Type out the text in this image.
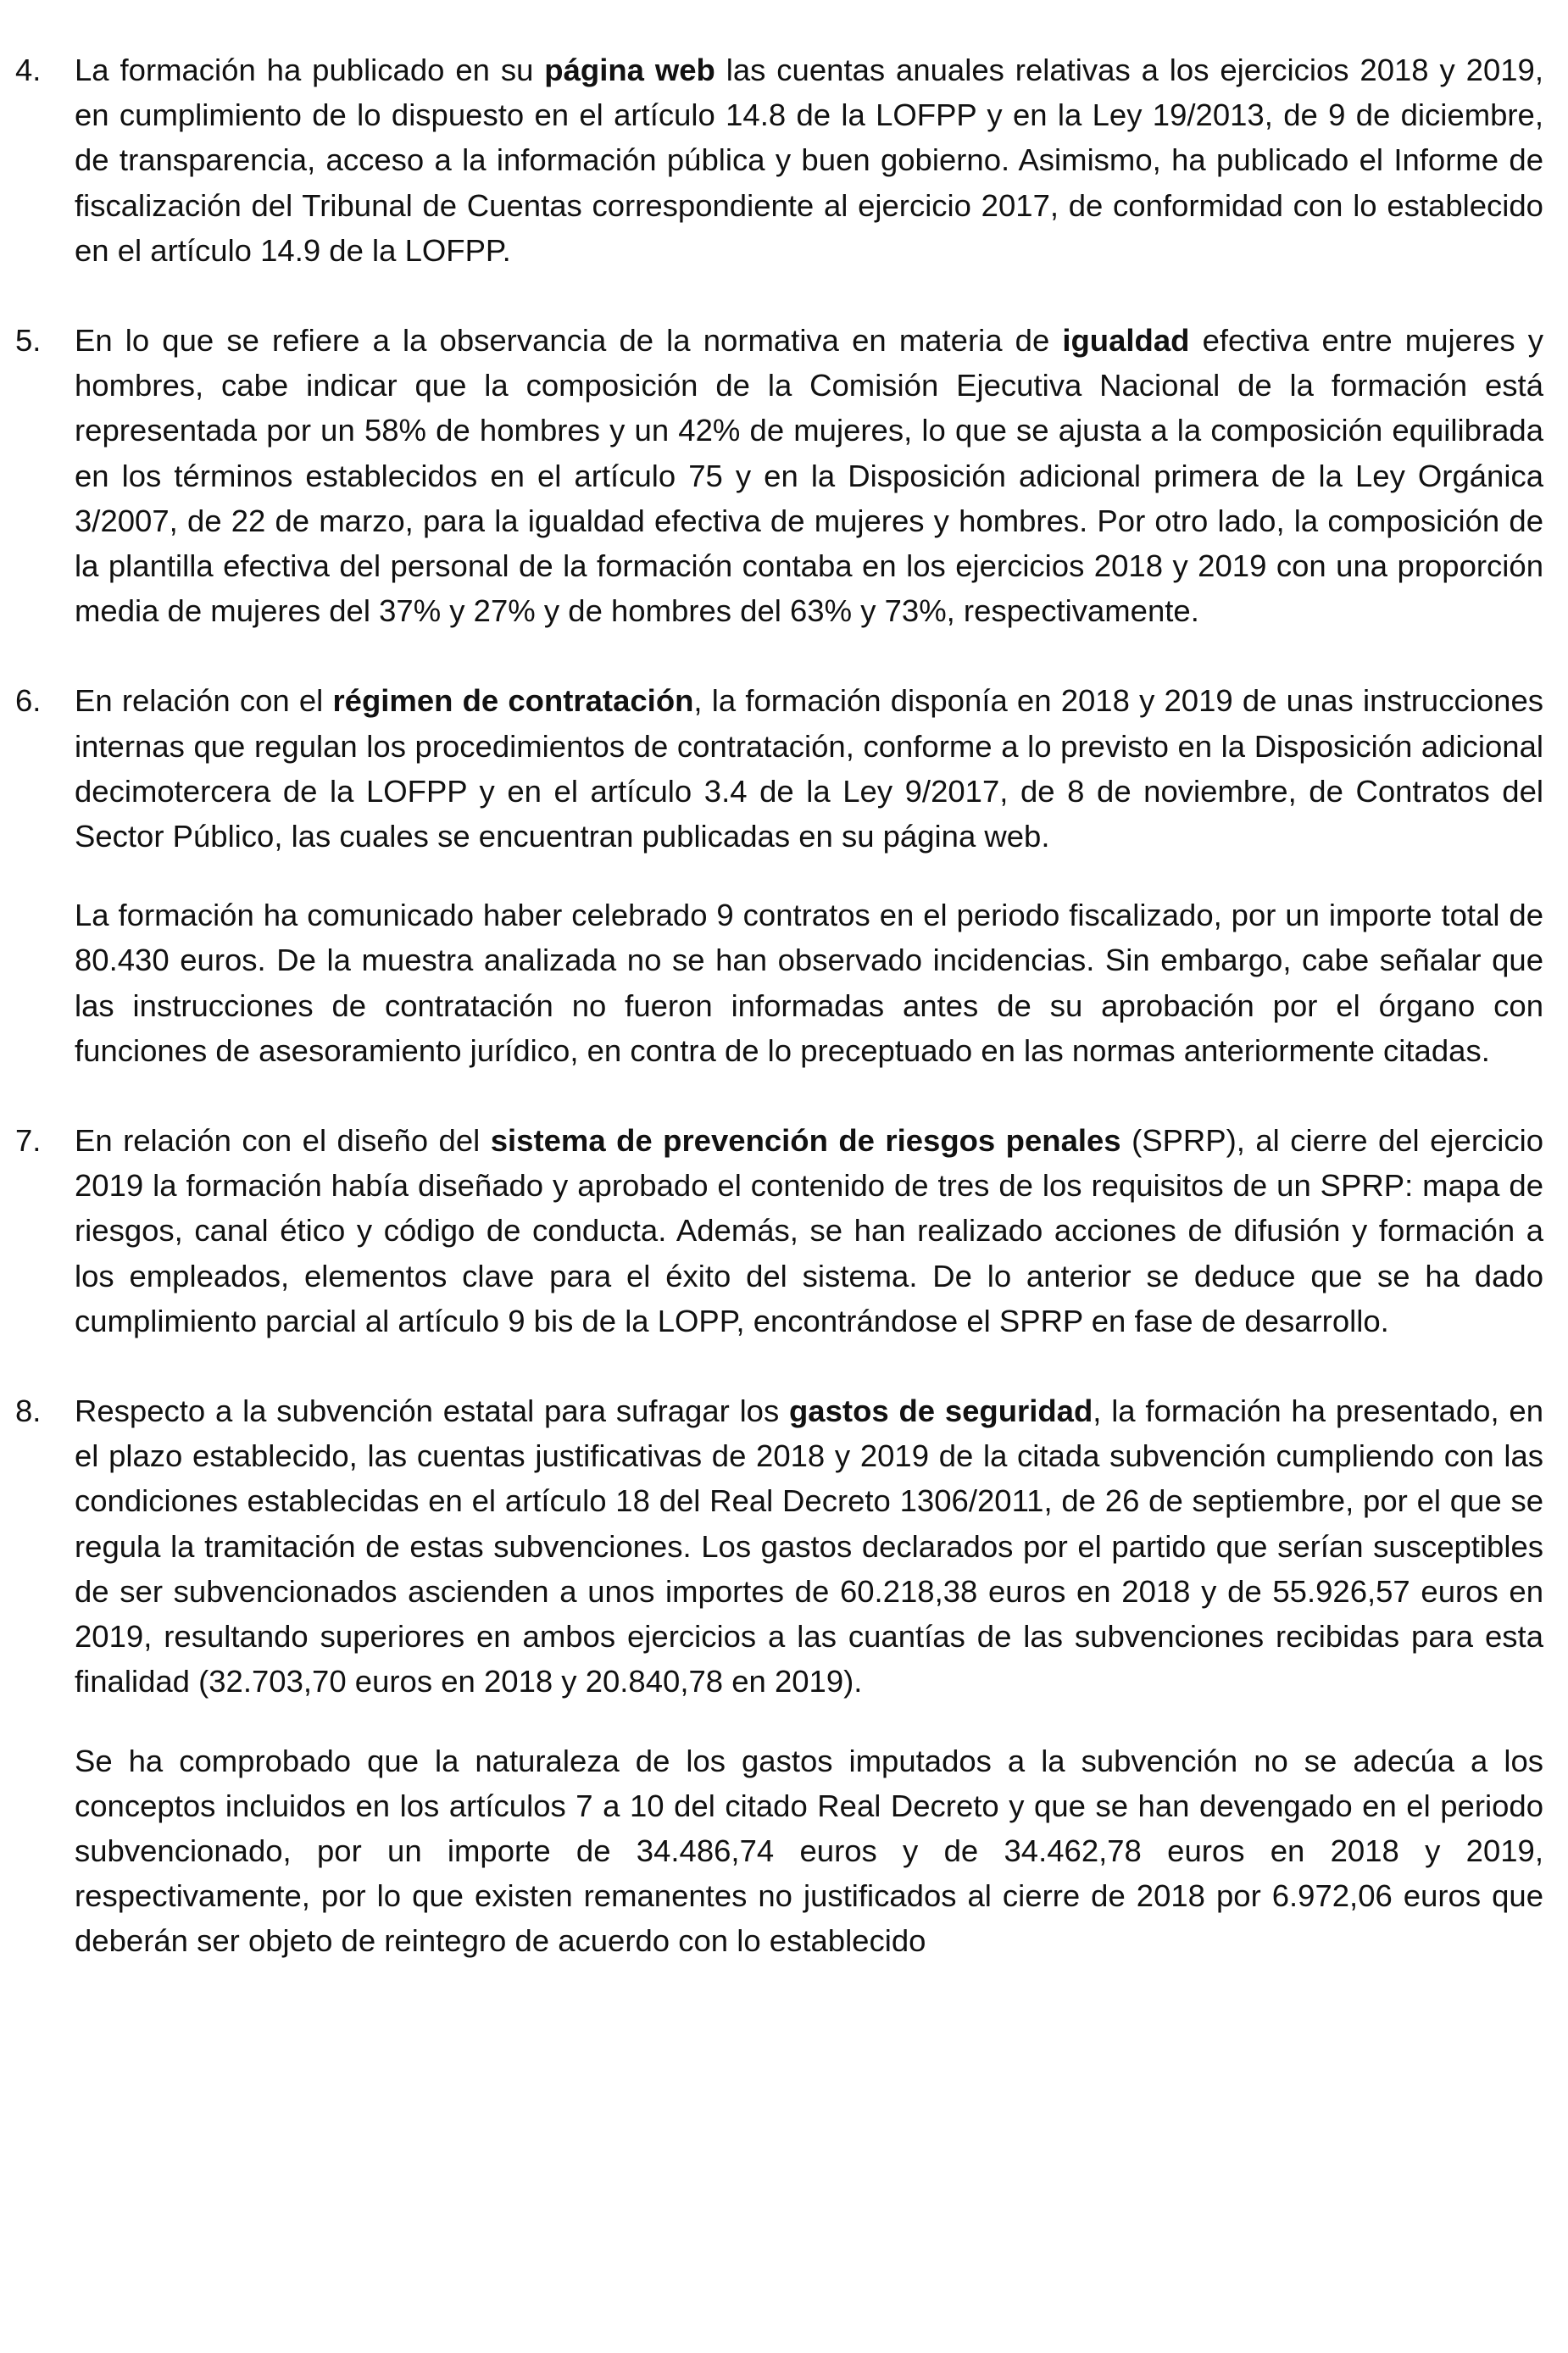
4.	La formación ha publicado en su página web las cuentas anuales relativas a los ejercicios 2018 y 2019, en cumplimiento de lo dispuesto en el artículo 14.8 de la LOFPP y en la Ley 19/2013, de 9 de diciembre, de transparencia, acceso a la información pública y buen gobierno. Asimismo, ha publicado el Informe de fiscalización del Tribunal de Cuentas correspondiente al ejercicio 2017, de conformidad con lo establecido en el artículo 14.9 de la LOFPP.

5.	En lo que se refiere a la observancia de la normativa en materia de igualdad efectiva entre mujeres y hombres, cabe indicar que la composición de la Comisión Ejecutiva Nacional de la formación está representada por un 58% de hombres y un 42% de mujeres, lo que se ajusta a la composición equilibrada en los términos establecidos en el artículo 75 y en la Disposición adicional primera de la Ley Orgánica 3/2007, de 22 de marzo, para la igualdad efectiva de mujeres y hombres. Por otro lado, la composición de la plantilla efectiva del personal de la formación contaba en los ejercicios 2018 y 2019 con una proporción media de mujeres del 37% y 27% y de hombres del 63% y 73%, respectivamente.

6.	En relación con el régimen de contratación, la formación disponía en 2018 y 2019 de unas instrucciones internas que regulan los procedimientos de contratación, conforme a lo previsto en la Disposición adicional decimotercera de la LOFPP y en el artículo 3.4 de la Ley 9/2017, de 8 de noviembre, de Contratos del Sector Público, las cuales se encuentran publicadas en su página web.

La formación ha comunicado haber celebrado 9 contratos en el periodo fiscalizado, por un importe total de 80.430 euros. De la muestra analizada no se han observado incidencias. Sin embargo, cabe señalar que las instrucciones de contratación no fueron informadas antes de su aprobación por el órgano con funciones de asesoramiento jurídico, en contra de lo preceptuado en las normas anteriormente citadas.

7.	En relación con el diseño del sistema de prevención de riesgos penales (SPRP), al cierre del ejercicio 2019 la formación había diseñado y aprobado el contenido de tres de los requisitos de un SPRP: mapa de riesgos, canal ético y código de conducta. Además, se han realizado acciones de difusión y formación a los empleados, elementos clave para el éxito del sistema. De lo anterior se deduce que se ha dado cumplimiento parcial al artículo 9 bis de la LOPP, encontrándose el SPRP en fase de desarrollo.

8.	Respecto a la subvención estatal para sufragar los gastos de seguridad, la formación ha presentado, en el plazo establecido, las cuentas justificativas de 2018 y 2019 de la citada subvención cumpliendo con las condiciones establecidas en el artículo 18 del Real Decreto 1306/2011, de 26 de septiembre, por el que se regula la tramitación de estas subvenciones. Los gastos declarados por el partido que serían susceptibles de ser subvencionados ascienden a unos importes de 60.218,38 euros en 2018 y de 55.926,57 euros en 2019, resultando superiores en ambos ejercicios a las cuantías de las subvenciones recibidas para esta finalidad (32.703,70 euros en 2018 y 20.840,78 en 2019).

Se ha comprobado que la naturaleza de los gastos imputados a la subvención no se adecúa a los conceptos incluidos en los artículos 7 a 10 del citado Real Decreto y que se han devengado en el periodo subvencionado, por un importe de 34.486,74 euros y de 34.462,78 euros en 2018 y 2019, respectivamente, por lo que existen remanentes no justificados al cierre de 2018 por 6.972,06 euros que deberán ser objeto de reintegro de acuerdo con lo establecido
